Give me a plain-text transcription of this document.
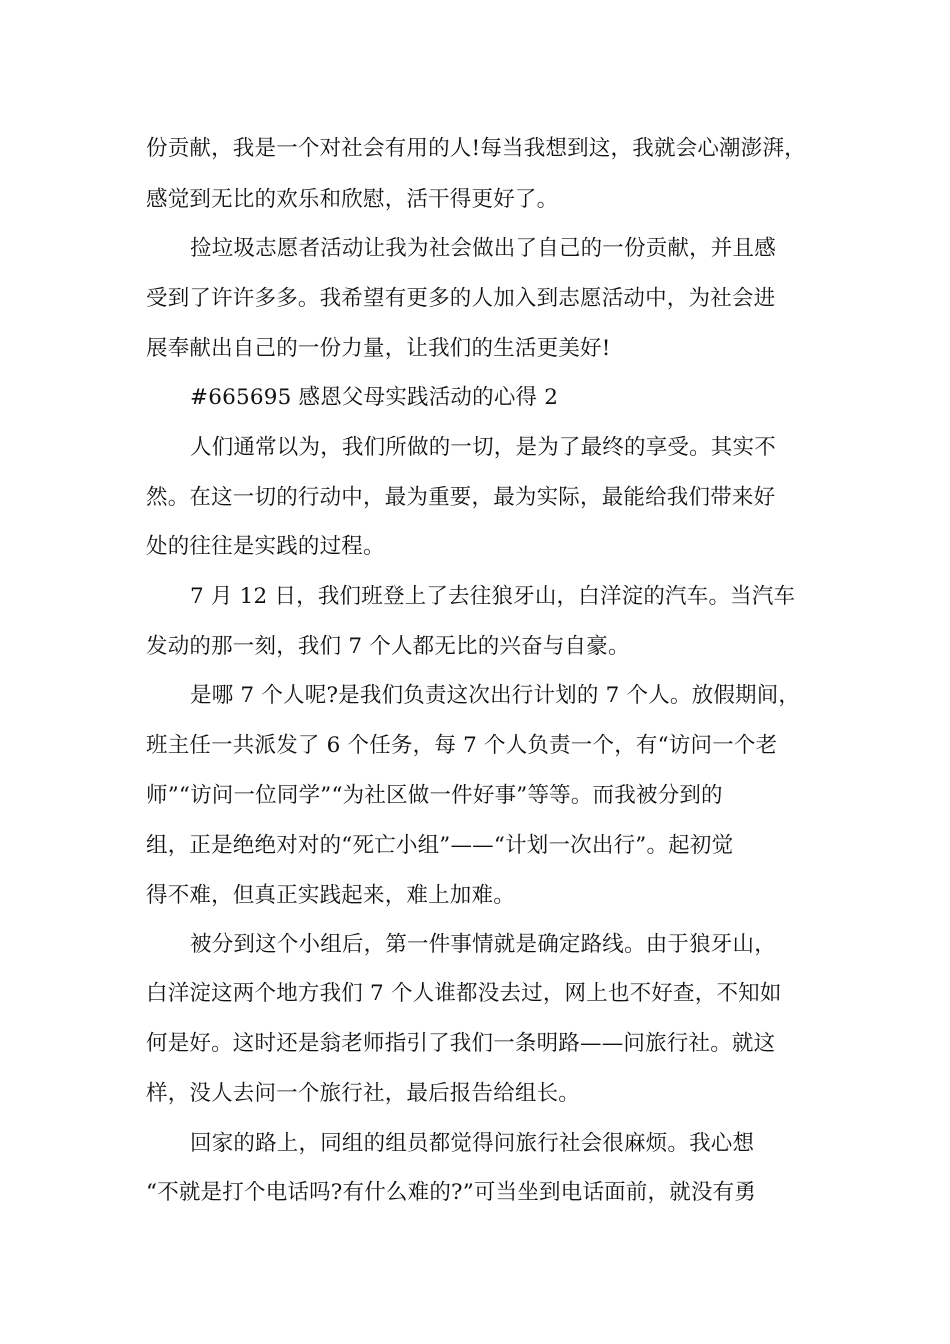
份贡献，我是一个对社会有用的人!每当我想到这，我就会心潮澎湃，
感觉到无比的欢乐和欣慰，活干得更好了。
捡垃圾志愿者活动让我为社会做出了自己的一份贡献，并且感
受到了许许多多。我希望有更多的人加入到志愿活动中，为社会进
展奉献出自己的一份力量，让我们的生活更美好!
#665695 感恩父母实践活动的心得 2
人们通常以为，我们所做的一切，是为了最终的享受。其实不
然。在这一切的行动中，最为重要，最为实际，最能给我们带来好
处的往往是实践的过程。
7 月 12 日，我们班登上了去往狼牙山，白洋淀的汽车。当汽车
发动的那一刻，我们 7 个人都无比的兴奋与自豪。
是哪 7 个人呢?是我们负责这次出行计划的 7 个人。放假期间，
班主任一共派发了 6 个任务，每 7 个人负责一个，有“访问一个老
师”“访问一位同学”“为社区做一件好事”等等。而我被分到的
组，正是绝绝对对的“死亡小组”——“计划一次出行”。起初觉
得不难，但真正实践起来，难上加难。
被分到这个小组后，第一件事情就是确定路线。由于狼牙山，
白洋淀这两个地方我们 7 个人谁都没去过，网上也不好查，不知如
何是好。这时还是翁老师指引了我们一条明路——问旅行社。就这
样，没人去问一个旅行社，最后报告给组长。
回家的路上，同组的组员都觉得问旅行社会很麻烦。我心想
“不就是打个电话吗?有什么难的?”可当坐到电话面前，就没有勇
